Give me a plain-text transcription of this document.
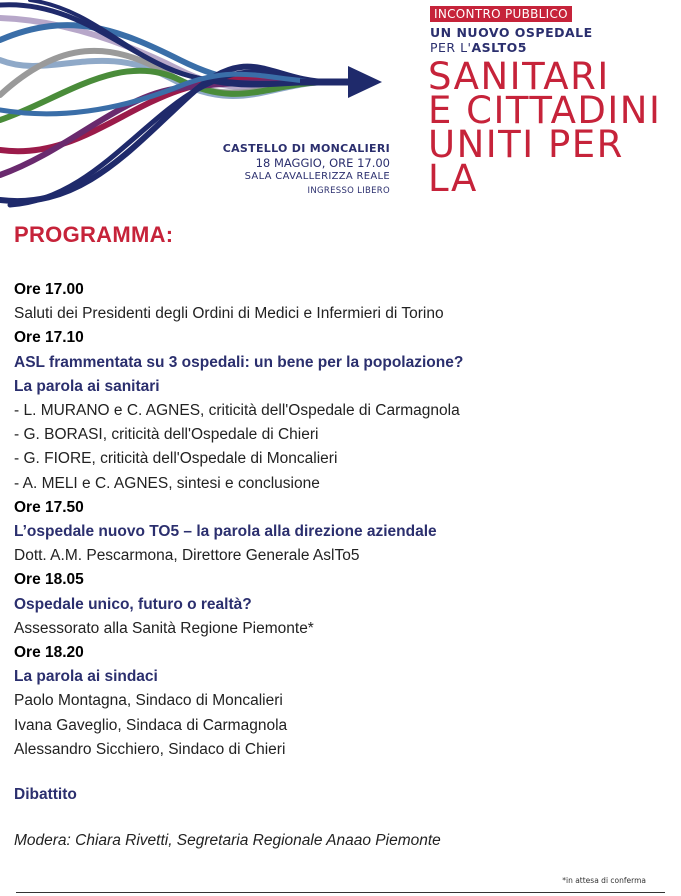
CASTELLO DI MONCALIERI
18 MAGGIO, ORE 17.00
SALA CAVALLERIZZA REALE
INGRESSO LIBERO
INCONTRO PUBBLICO
UN NUOVO OSPEDALE
PER L'ASLTO5
SANITARI
E CITTADINI
UNITI PER
LA SALUTE
PROGRAMMA:
Ore 17.00
Saluti dei Presidenti degli Ordini di Medici e Infermieri di Torino
Ore 17.10
ASL frammentata su 3 ospedali: un bene per la popolazione?
La parola ai sanitari
- L. MURANO e C. AGNES, criticità dell'Ospedale di Carmagnola
- G. BORASI, criticità dell'Ospedale di Chieri
- G. FIORE, criticità dell'Ospedale di Moncalieri
- A. MELI e C. AGNES, sintesi e conclusione
Ore 17.50
L’ospedale nuovo TO5 – la parola alla direzione aziendale
Dott. A.M. Pescarmona, Direttore Generale AslTo5
Ore 18.05
Ospedale unico, futuro o realtà?
Assessorato alla Sanità Regione Piemonte*
Ore 18.20
La parola ai sindaci
Paolo Montagna, Sindaco di Moncalieri
Ivana Gaveglio, Sindaca di Carmagnola
Alessandro Sicchiero, Sindaco di Chieri
Dibattito
Modera: Chiara Rivetti, Segretaria Regionale Anaao Piemonte
*in attesa di conferma
